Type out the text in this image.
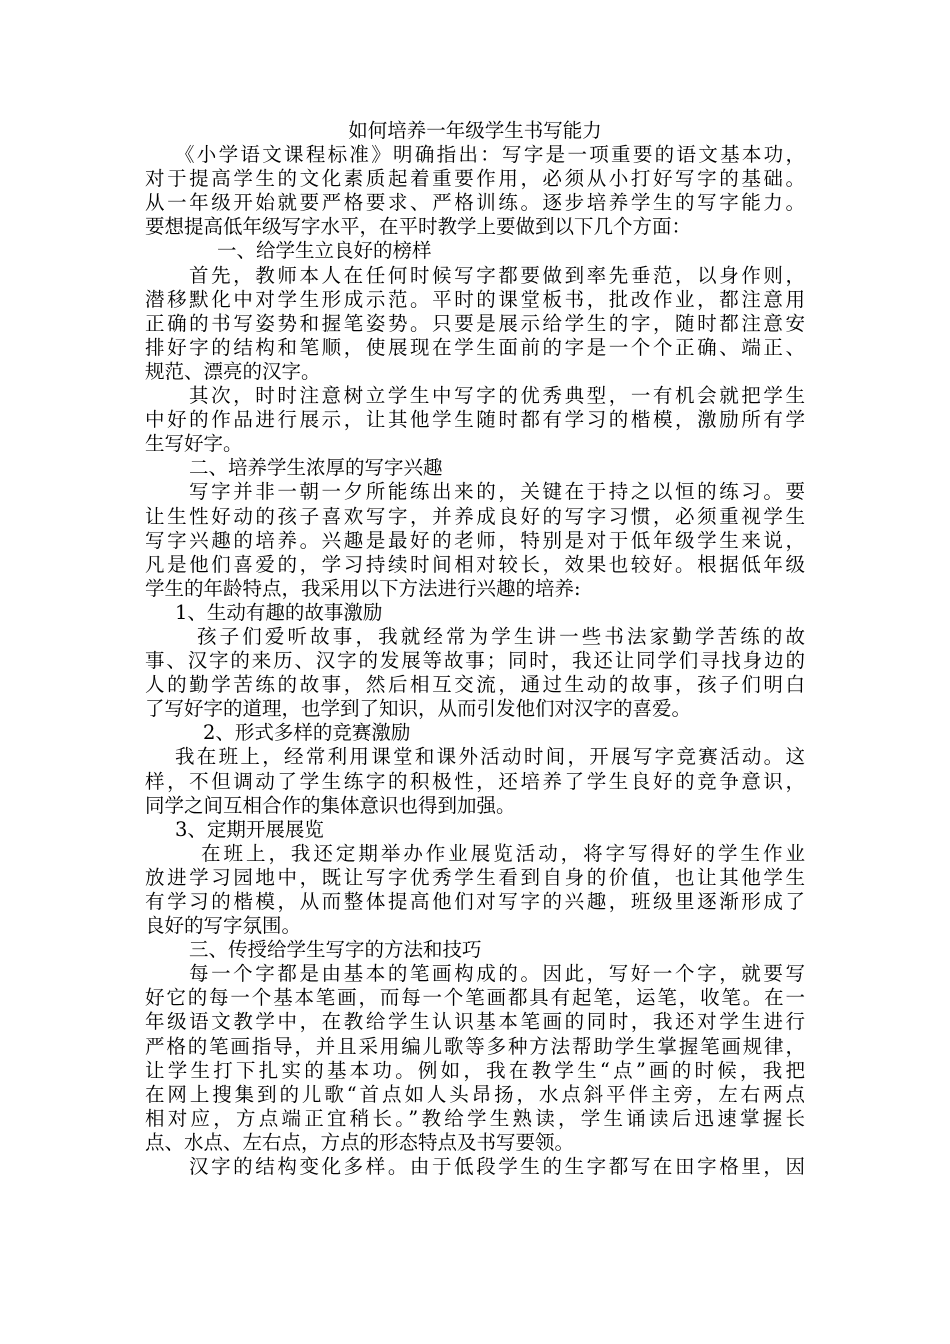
如何培养一年级学生书写能力
《小学语文课程标准》明确指出：写字是一项重要的语文基本功，
对于提高学生的文化素质起着重要作用，必须从小打好写字的基础。
从一年级开始就要严格要求、严格训练。逐步培养学生的写字能力。
要想提高低年级写字水平，在平时教学上要做到以下几个方面：
一、给学生立良好的榜样
首先，教师本人在任何时候写字都要做到率先垂范，以身作则，
潜移默化中对学生形成示范。平时的课堂板书，批改作业，都注意用
正确的书写姿势和握笔姿势。只要是展示给学生的字，随时都注意安
排好字的结构和笔顺，使展现在学生面前的字是一个个正确、端正、
规范、漂亮的汉字。
其次，时时注意树立学生中写字的优秀典型，一有机会就把学生
中好的作品进行展示，让其他学生随时都有学习的楷模，激励所有学
生写好字。
二、培养学生浓厚的写字兴趣
写字并非一朝一夕所能练出来的，关键在于持之以恒的练习。要
让生性好动的孩子喜欢写字，并养成良好的写字习惯，必须重视学生
写字兴趣的培养。兴趣是最好的老师，特别是对于低年级学生来说，
凡是他们喜爱的，学习持续时间相对较长，效果也较好。根据低年级
学生的年龄特点，我采用以下方法进行兴趣的培养:
1、生动有趣的故事激励
孩子们爱听故事，我就经常为学生讲一些书法家勤学苦练的故
事、汉字的来历、汉字的发展等故事；同时，我还让同学们寻找身边的
人的勤学苦练的故事，然后相互交流，通过生动的故事，孩子们明白
了写好字的道理，也学到了知识，从而引发他们对汉字的喜爱。
2、形式多样的竞赛激励
我在班上，经常利用课堂和课外活动时间，开展写字竞赛活动。这
样，不但调动了学生练字的积极性，还培养了学生良好的竞争意识，
同学之间互相合作的集体意识也得到加强。
3、定期开展展览
在班上，我还定期举办作业展览活动，将字写得好的学生作业
放进学习园地中，既让写字优秀学生看到自身的价值，也让其他学生
有学习的楷模，从而整体提高他们对写字的兴趣，班级里逐渐形成了
良好的写字氛围。
三、传授给学生写字的方法和技巧
每一个字都是由基本的笔画构成的。因此，写好一个字，就要写
好它的每一个基本笔画，而每一个笔画都具有起笔，运笔，收笔。在一
年级语文教学中，在教给学生认识基本笔画的同时，我还对学生进行
严格的笔画指导，并且采用编儿歌等多种方法帮助学生掌握笔画规律，
让学生打下扎实的基本功。例如，我在教学生“点”画的时候，我把
在网上搜集到的儿歌“首点如人头昂扬，水点斜平伴主旁，左右两点
相对应，方点端正宜稍长。”教给学生熟读，学生诵读后迅速掌握长
点、水点、左右点，方点的形态特点及书写要领。
汉字的结构变化多样。由于低段学生的生字都写在田字格里，因
